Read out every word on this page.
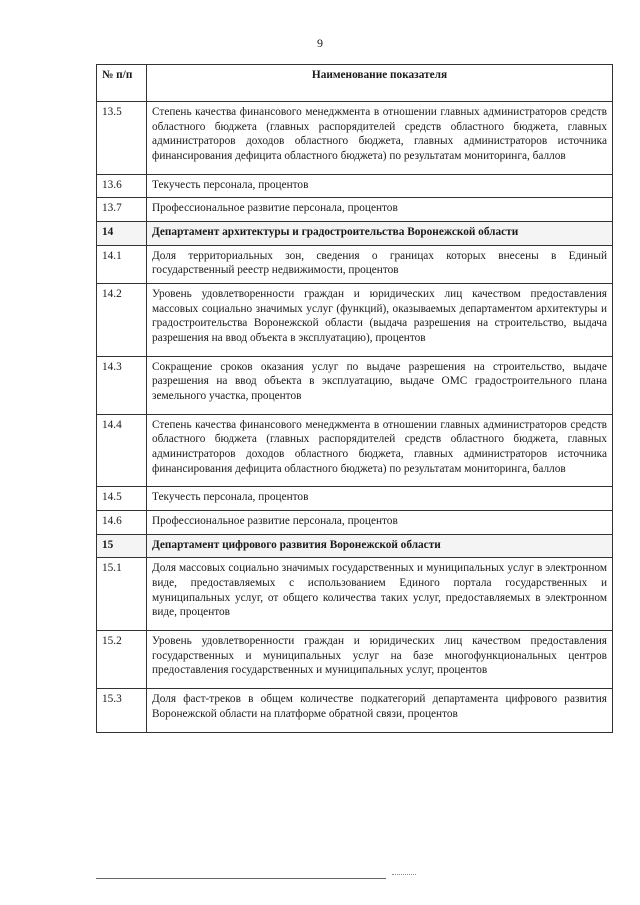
9
№ п/п	Наименование показателя
13.5	Степень качества финансового менеджмента в отношении главных администраторов средств областного бюджета (главных распорядителей средств областного бюджета, главных администраторов доходов областного бюджета, главных администраторов источника финансирования дефицита областного бюджета) по результатам мониторинга, баллов
13.6	Текучесть персонала, процентов
13.7	Профессиональное развитие персонала, процентов
14	Департамент архитектуры и градостроительства Воронежской области
14.1	Доля территориальных зон, сведения о границах которых внесены в Единый государственный реестр недвижимости, процентов
14.2	Уровень удовлетворенности граждан и юридических лиц качеством предоставления массовых социально значимых услуг (функций), оказываемых департаментом архитектуры и градостроительства Воронежской области (выдача разрешения на строительство, выдача разрешения на ввод объекта в эксплуатацию), процентов
14.3	Сокращение сроков оказания услуг по выдаче разрешения на строительство, выдаче разрешения на ввод объекта в эксплуатацию, выдаче ОМС градостроительного плана земельного участка, процентов
14.4	Степень качества финансового менеджмента в отношении главных администраторов средств областного бюджета (главных распорядителей средств областного бюджета, главных администраторов доходов областного бюджета, главных администраторов источника финансирования дефицита областного бюджета) по результатам мониторинга, баллов
14.5	Текучесть персонала, процентов
14.6	Профессиональное развитие персонала, процентов
15	Департамент цифрового развития Воронежской области
15.1	Доля массовых социально значимых государственных и муниципальных услуг в электронном виде, предоставляемых с использованием Единого портала государственных и муниципальных услуг, от общего количества таких услуг, предоставляемых в электронном виде, процентов
15.2	Уровень удовлетворенности граждан и юридических лиц качеством предоставления государственных и муниципальных услуг на базе многофункциональных центров предоставления государственных и муниципальных услуг, процентов
15.3	Доля фаст-треков в общем количестве подкатегорий департамента цифрового развития Воронежской области на платформе обратной связи, процентов
